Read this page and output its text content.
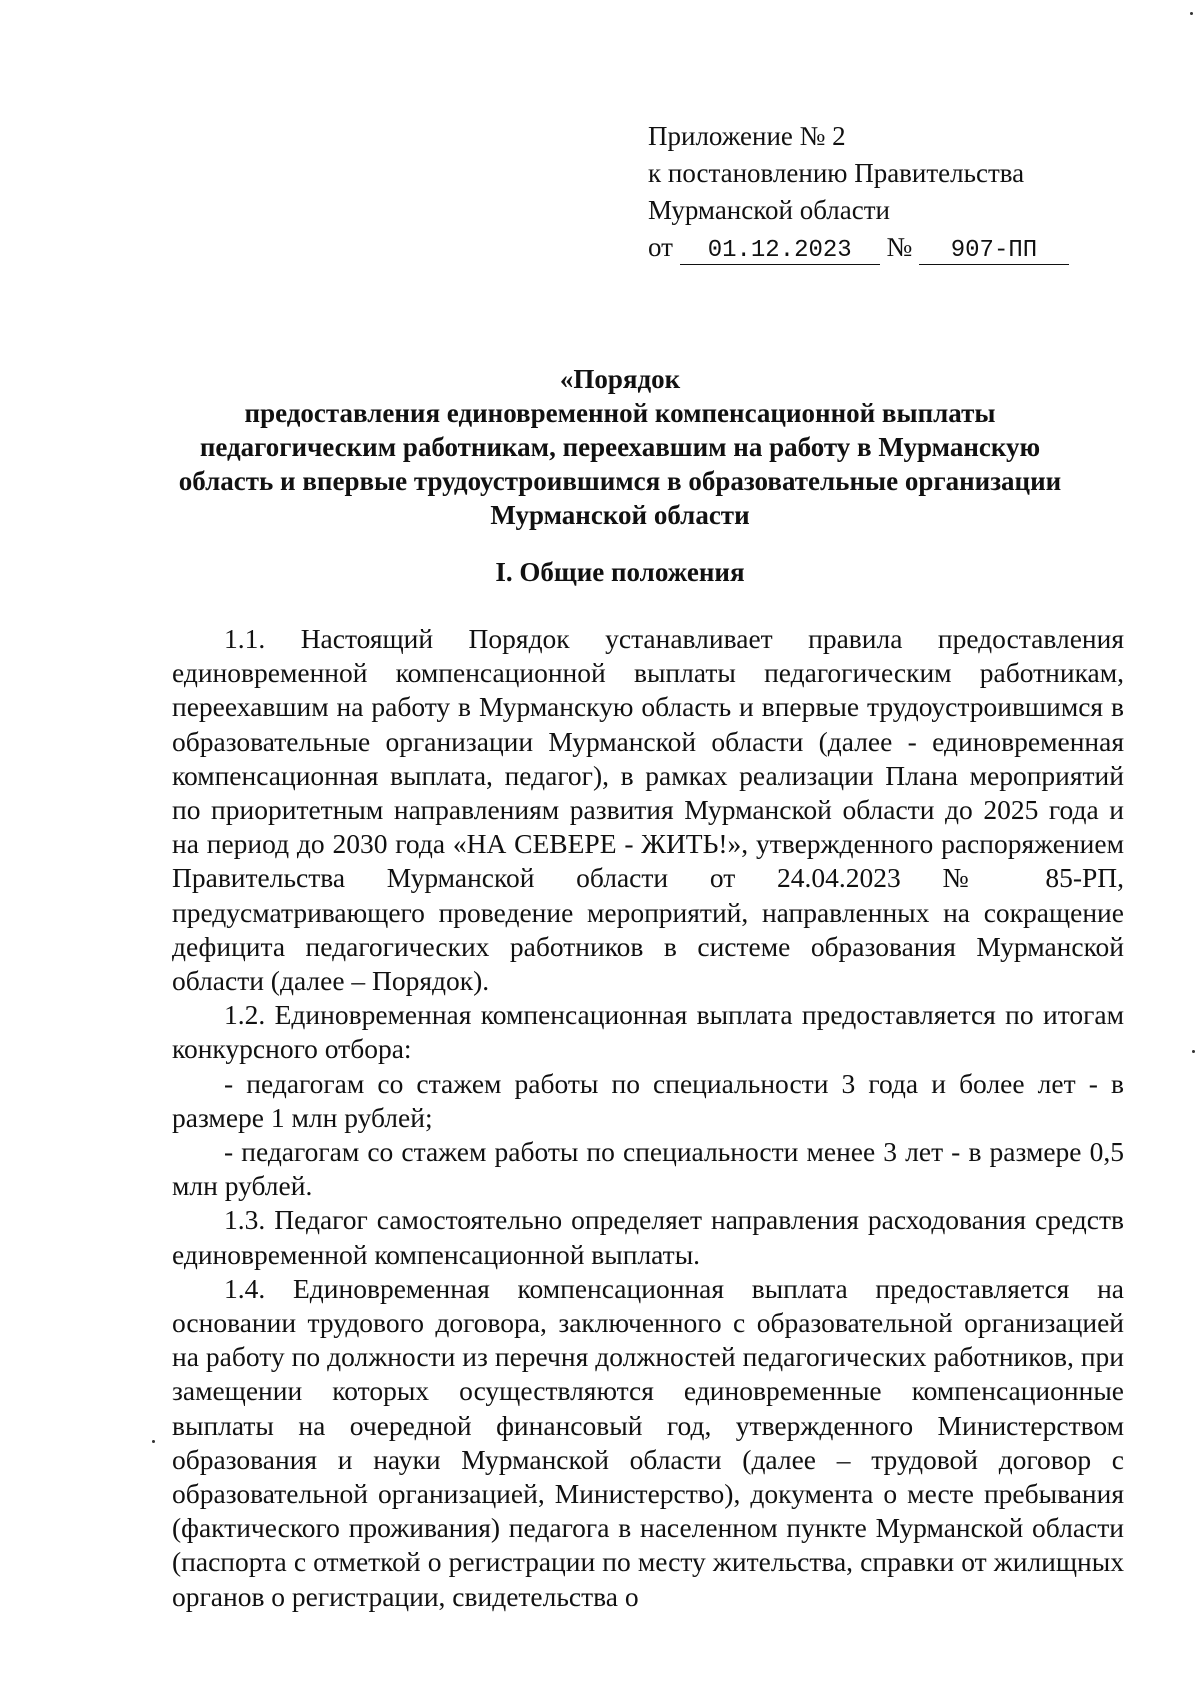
Приложение № 2
к постановлению Правительства
Мурманской области
от 01.12.2023 № 907-ПП
«Порядок
предоставления единовременной компенсационной выплаты
педагогическим работникам, переехавшим на работу в Мурманскую
область и впервые трудоустроившимся в образовательные организации
Мурманской области
I. Общие положения

1.1. Настоящий Порядок устанавливает правила предоставления единовременной компенсационной выплаты педагогическим работникам, переехавшим на работу в Мурманскую область и впервые трудоустроившимся в образовательные организации Мурманской области (далее - единовременная компенсационная выплата, педагог), в рамках реализации Плана мероприятий по приоритетным направлениям развития Мурманской области до 2025 года и на период до 2030 года «НА СЕВЕРЕ - ЖИТЬ!», утвержденного распоряжением Правительства Мурманской области от 24.04.2023 № 85-РП, предусматривающего проведение мероприятий, направленных на сокращение дефицита педагогических работников в системе образования Мурманской области (далее – Порядок).

1.2. Единовременная компенсационная выплата предоставляется по итогам конкурсного отбора:

- педагогам со стажем работы по специальности 3 года и более лет - в размере 1 млн рублей;

- педагогам со стажем работы по специальности менее 3 лет - в размере 0,5 млн рублей.

1.3. Педагог самостоятельно определяет направления расходования средств единовременной компенсационной выплаты.

1.4. Единовременная компенсационная выплата предоставляется на основании трудового договора, заключенного с образовательной организацией на работу по должности из перечня должностей педагогических работников, при замещении которых осуществляются единовременные компенсационные выплаты на очередной финансовый год, утвержденного Министерством образования и науки Мурманской области (далее – трудовой договор с образовательной организацией, Министерство), документа о месте пребывания (фактического проживания) педагога в населенном пункте Мурманской области (паспорта с отметкой о регистрации по месту жительства, справки от жилищных органов о регистрации, свидетельства о
